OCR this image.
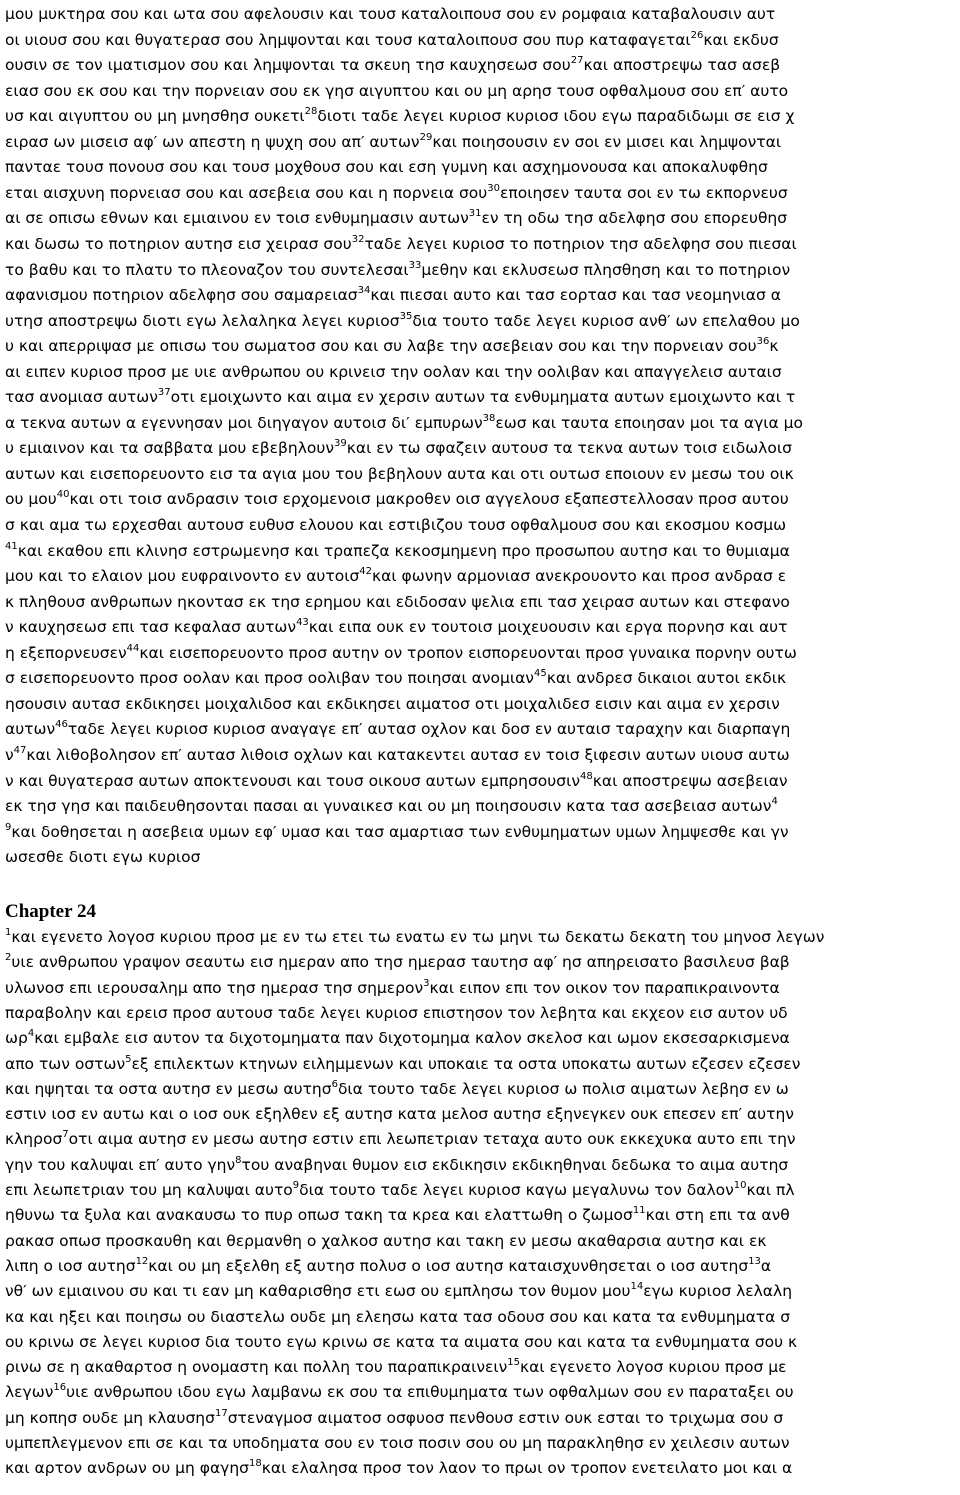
μου μυκτηρα σου και ωτα σου αφελουσιν και τουσ καταλοιπουσ σου εν ρομφαια καταβαλουσιν αυτ
οι υιουσ σου και θυγατερασ σου λημψονται και τουσ καταλοιπουσ σου πυρ καταφαγεται$^{26}$και εκδυσ
ουσιν σε τον ιματισμον σου και λημψονται τα σκευη τησ καυχησεωσ σου$^{27}$και αποστρεψω τασ ασεβ
ειασ σου εκ σου και την πορνειαν σου εκ γησ αιγυπτου και ου μη αρησ τουσ οφθαλμουσ σου επ′ αυτο
υσ και αιγυπτου ου μη μνησθησ ουκετι$^{28}$διοτι ταδε λεγει κυριοσ κυριοσ ιδου εγω παραδιδωμι σε εισ χ
ειρασ ων μισεισ αφ′ ων απεστη η ψυχη σου απ′ αυτων$^{29}$και ποιησουσιν εν σοι εν μισει και λημψονται
πανταε τουσ πονουσ σου και τουσ μοχθουσ σου και εση γυμνη και ασχημονουσα και αποκαλυφθησ
εται αισχυνη πορνειασ σου και ασεβεια σου και η πορνεια σου$^{30}$εποιησεν ταυτα σοι εν τω εκπορνευσ
αι σε οπισω εθνων και εμιαινου εν τοισ ενθυμημασιν αυτων$^{31}$εν τη οδω τησ αδελφησ σου επορευθησ
και δωσω το ποτηριον αυτησ εισ χειρασ σου$^{32}$ταδε λεγει κυριοσ το ποτηριον τησ αδελφησ σου πιεσαι
το βαθυ και το πλατυ το πλεοναζον του συντελεσαι$^{33}$μεθην και εκλυσεωσ πλησθηση και το ποτηριον
αφανισμου ποτηριον αδελφησ σου σαμαρειασ$^{34}$και πιεσαι αυτο και τασ εορτασ και τασ νεομηνιασ α
υτησ αποστρεψω διοτι εγω λελαληκα λεγει κυριοσ$^{35}$δια τουτο ταδε λεγει κυριοσ ανθ′ ων επελαθου μο
υ και απερριψασ με οπισω του σωματοσ σου και συ λαβε την ασεβειαν σου και την πορνειαν σου$^{36}$κ
αι ειπεν κυριοσ προσ με υιε ανθρωπου ου κρινεισ την οολαν και την οολιβαν και απαγγελεισ αυταισ
τασ ανομιασ αυτων$^{37}$οτι εμοιχωντο και αιμα εν χερσιν αυτων τα ενθυμηματα αυτων εμοιχωντο και τ
α τεκνα αυτων α εγεννησαν μοι διηγαγον αυτοισ δι′ εμπυρων$^{38}$εωσ και ταυτα εποιησαν μοι τα αγια μο
υ εμιαινον και τα σαββατα μου εβεβηλουν$^{39}$και εν τω σφαζειν αυτουσ τα τεκνα αυτων τοισ ειδωλοισ
αυτων και εισεπορευοντο εισ τα αγια μου του βεβηλουν αυτα και οτι ουτωσ εποιουν εν μεσω του οικ
ου μου$^{40}$και οτι τοισ ανδρασιν τοισ ερχομενοισ μακροθεν οισ αγγελουσ εξαπεστελλοσαν προσ αυτου
σ και αμα τω ερχεσθαι αυτουσ ευθυσ ελουου και εστιβιζου τουσ οφθαλμουσ σου και εκοσμου κοσμω
$^{41}$και εκαθου επι κλινησ εστρωμενησ και τραπεζα κεκοσμημενη προ προσωπου αυτησ και το θυμιαμα
μου και το ελαιον μου ευφραινοντο εν αυτοισ$^{42}$και φωνην αρμονιασ ανεκρουοντο και προσ ανδρασ ε
κ πληθουσ ανθρωπων ηκοντασ εκ τησ ερημου και εδιδοσαν ψελια επι τασ χειρασ αυτων και στεφανο
ν καυχησεωσ επι τασ κεφαλασ αυτων$^{43}$και ειπα ουκ εν τουτοισ μοιχευουσιν και εργα πορνησ και αυτ
η εξεπορνευσεν$^{44}$και εισεπορευοντο προσ αυτην ον τροπον εισπορευονται προσ γυναικα πορνην ουτω
σ εισεπορευοντο προσ οολαν και προσ οολιβαν του ποιησαι ανομιαν$^{45}$και ανδρεσ δικαιοι αυτοι εκδικ
ησουσιν αυτασ εκδικησει μοιχαλιδοσ και εκδικησει αιματοσ οτι μοιχαλιδεσ εισιν και αιμα εν χερσιν
αυτων$^{46}$ταδε λεγει κυριοσ κυριοσ αναγαγε επ′ αυτασ οχλον και δοσ εν αυταισ ταραχην και διαρπαγη
$\nu^{47}\kappa\alpha\iota$ λιθοβολησον επ′ αυτασ λιθοισ οχλων και κατακεντει αυτασ εν τοισ ξιφεσιν αυτων υιουσ αυτω
ν και θυγατερασ αυτων αποκτενουσι και τουσ οικουσ αυτων εμπρησουσιν$^{48}$και αποστρεψω ασεβειαν
εκ τησ γησ και παιδευθησονται πασαι αι γυναικεσ και ου μη ποιησουσιν κατα τασ ασεβειασ αυτων$^4$
$^9$και δοθησεται η ασεβεια υμων εφ′ υμασ και τασ αμαρτιασ των ενθυμηματων υμων λημψεσθε και γν
ωσεσθε διοτι εγω κυριοσ
Chapter 24
$^1$και εγενετο λογοσ κυριου προσ με εν τω ετει τω ενατω εν τω μηνι τω δεκατω δεκατη του μηνοσ λεγων
$^2$υιε ανθρωπου γραψον σεαυτω εισ ημεραν απο τησ ημερασ ταυτησ αφ′ ησ απηρεισατο βασιλευσ βαβ
υλωνοσ επι ιερουσαλημ απο τησ ημερασ τησ σημερον$^3$και ειπον επι τον οικον τον παραπικραινοντα
παραβολην και ερεισ προσ αυτουσ ταδε λεγει κυριοσ επιστησον τον λεβητα και εκχεον εισ αυτον υδ
$\omega\rho^4\kappa\alpha\iota$ εμβαλε εισ αυτον τα διχοτομηματα παν διχοτομημα καλον σκελοσ και ωμον εκσεσαρκισμενα
απο των οστων$^5$εξ επιλεκτων κτηνων ειλημμενων και υποκαιε τα οστα υποκατω αυτων εζεσεν εζεσεν
και ηψηται τα οστα αυτησ εν μεσω αυτησ$^6$δια τουτο ταδε λεγει κυριοσ ω πολισ αιματων λεβησ εν ω
εστιν ιοσ εν αυτω και ο ιοσ ουκ εξηλθεν εξ αυτησ κατα μελοσ αυτησ εξηνεγκεν ουκ επεσεν επ′ αυτην
κληροσ$^7$οτι αιμα αυτησ εν μεσω αυτησ εστιν επι λεωπετριαν τεταχα αυτο ουκ εκκεχυκα αυτο επι την
γην του καλυψαι επ′ αυτο γην$^8$του αναβηναι θυμον εισ εκδικησιν εκδικηθηναι δεδωκα το αιμα αυτησ
επι λεωπετριαν του μη καλυψαι αυτο$^9$δια τουτο ταδε λεγει κυριοσ καγω μεγαλυνω τον δαλον$^{10}$και πλ
ηθυνω τα ξυλα και ανακαυσω το πυρ οπωσ τακη τα κρεα και ελαττωθη ο ζωμοσ$^{11}$και στη επι τα ανθ
ρακασ οπωσ προσκαυθη και θερμανθη ο χαλκοσ αυτησ και τακη εν μεσω ακαθαρσια αυτησ και εκ
λιπη ο ιοσ αυτησ$^{12}$και ου μη εξελθη εξ αυτησ πολυσ ο ιοσ αυτησ καταισχυνθησεται ο ιοσ αυτησ$^{13}$α
νθ′ ων εμιαινου συ και τι εαν μη καθαρισθησ ετι εωσ ου εμπλησω τον θυμον μου$^{14}$εγω κυριοσ λελαλη
κα και ηξει και ποιησω ου διαστελω ουδε μη ελεησω κατα τασ οδουσ σου και κατα τα ενθυμηματα σ
ου κρινω σε λεγει κυριοσ δια τουτο εγω κρινω σε κατα τα αιματα σου και κατα τα ενθυμηματα σου κ
ρινω σε η ακαθαρτοσ η ονομαστη και πολλη του παραπικραινειν$^{15}$και εγενετο λογοσ κυριου προσ με
λεγων$^{16}$υιε ανθρωπου ιδου εγω λαμβανω εκ σου τα επιθυμηματα των οφθαλμων σου εν παραταξει ου
μη κοπησ ουδε μη κλαυσησ$^{17}$στεναγμοσ αιματοσ οσφυοσ πενθουσ εστιν ουκ εσται το τριχωμα σου σ
υμπεπλεγμενον επι σε και τα υποδηματα σου εν τοισ ποσιν σου ου μη παρακληθησ εν χειλεσιν αυτων
και αρτον ανδρων ου μη φαγησ$^{18}$και ελαλησα προσ τον λαον το πρωι ον τροπον ενετειλατο μοι και α
